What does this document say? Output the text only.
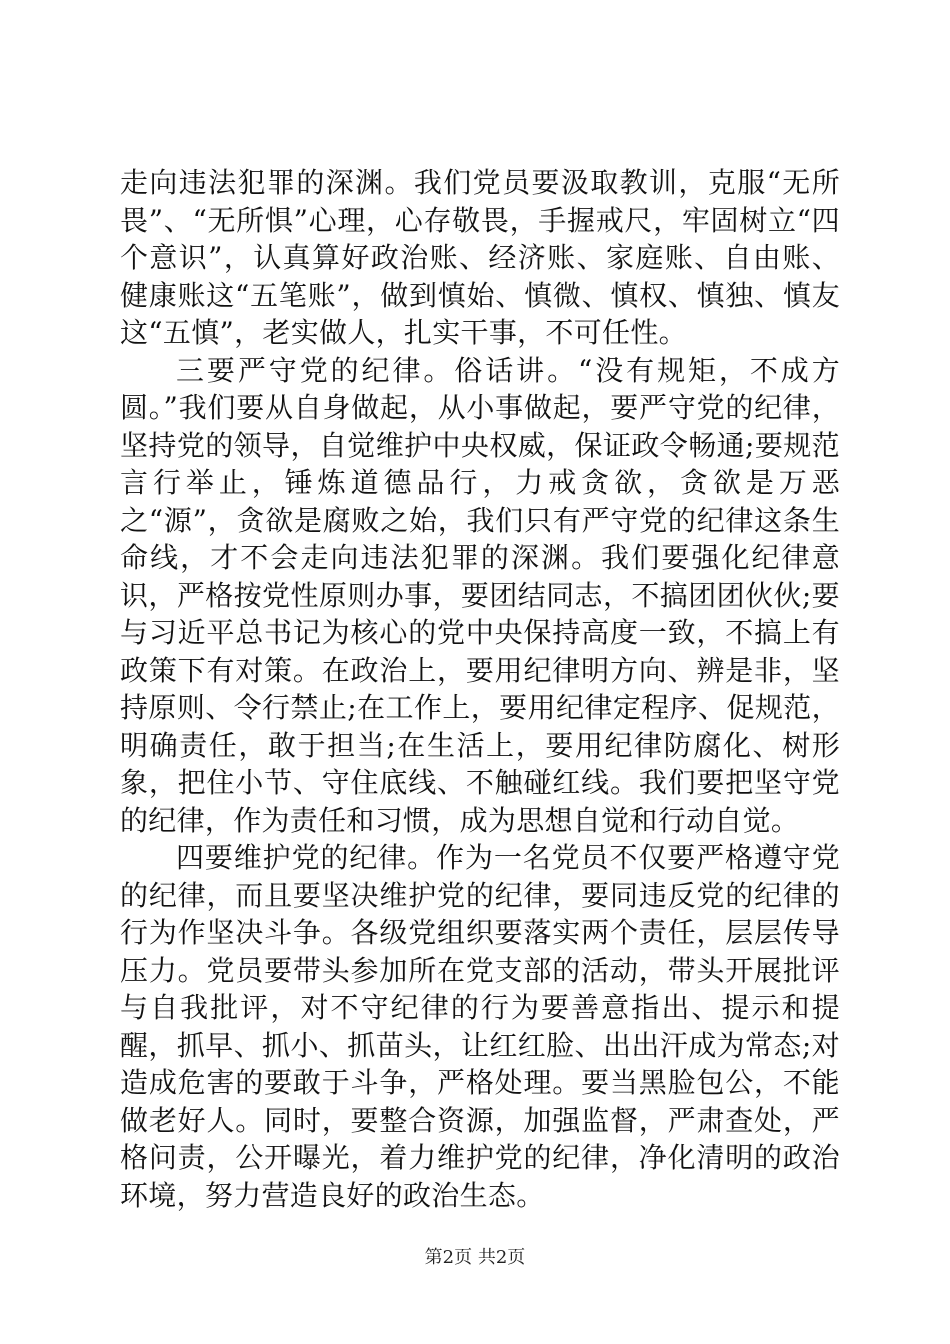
走向违法犯罪的深渊。我们党员要汲取教训，克服“无所畏”、“无所惧”心理，心存敬畏，手握戒尺，牢固树立“四个意识”，认真算好政治账、经济账、家庭账、自由账、健康账这“五笔账”，做到慎始、慎微、慎权、慎独、慎友这“五慎”，老实做人，扎实干事，不可任性。

三要严守党的纪律。俗话讲。“没有规矩，不成方圆。”我们要从自身做起，从小事做起，要严守党的纪律，坚持党的领导，自觉维护中央权威，保证政令畅通;要规范言行举止，锤炼道德品行，力戒贪欲，贪欲是万恶之“源”，贪欲是腐败之始，我们只有严守党的纪律这条生命线，才不会走向违法犯罪的深渊。我们要强化纪律意识，严格按党性原则办事，要团结同志，不搞团团伙伙;要与习近平总书记为核心的党中央保持高度一致，不搞上有政策下有对策。在政治上，要用纪律明方向、辨是非，坚持原则、令行禁止;在工作上，要用纪律定程序、促规范，明确责任，敢于担当;在生活上，要用纪律防腐化、树形象，把住小节、守住底线、不触碰红线。我们要把坚守党的纪律，作为责任和习惯，成为思想自觉和行动自觉。

四要维护党的纪律。作为一名党员不仅要严格遵守党的纪律，而且要坚决维护党的纪律，要同违反党的纪律的行为作坚决斗争。各级党组织要落实两个责任，层层传导压力。党员要带头参加所在党支部的活动，带头开展批评与自我批评，对不守纪律的行为要善意指出、提示和提醒，抓早、抓小、抓苗头，让红红脸、出出汗成为常态;对造成危害的要敢于斗争，严格处理。要当黑脸包公，不能做老好人。同时，要整合资源，加强监督，严肃查处，严格问责，公开曝光，着力维护党的纪律，净化清明的政治环境，努力营造良好的政治生态。

第2页 共2页
